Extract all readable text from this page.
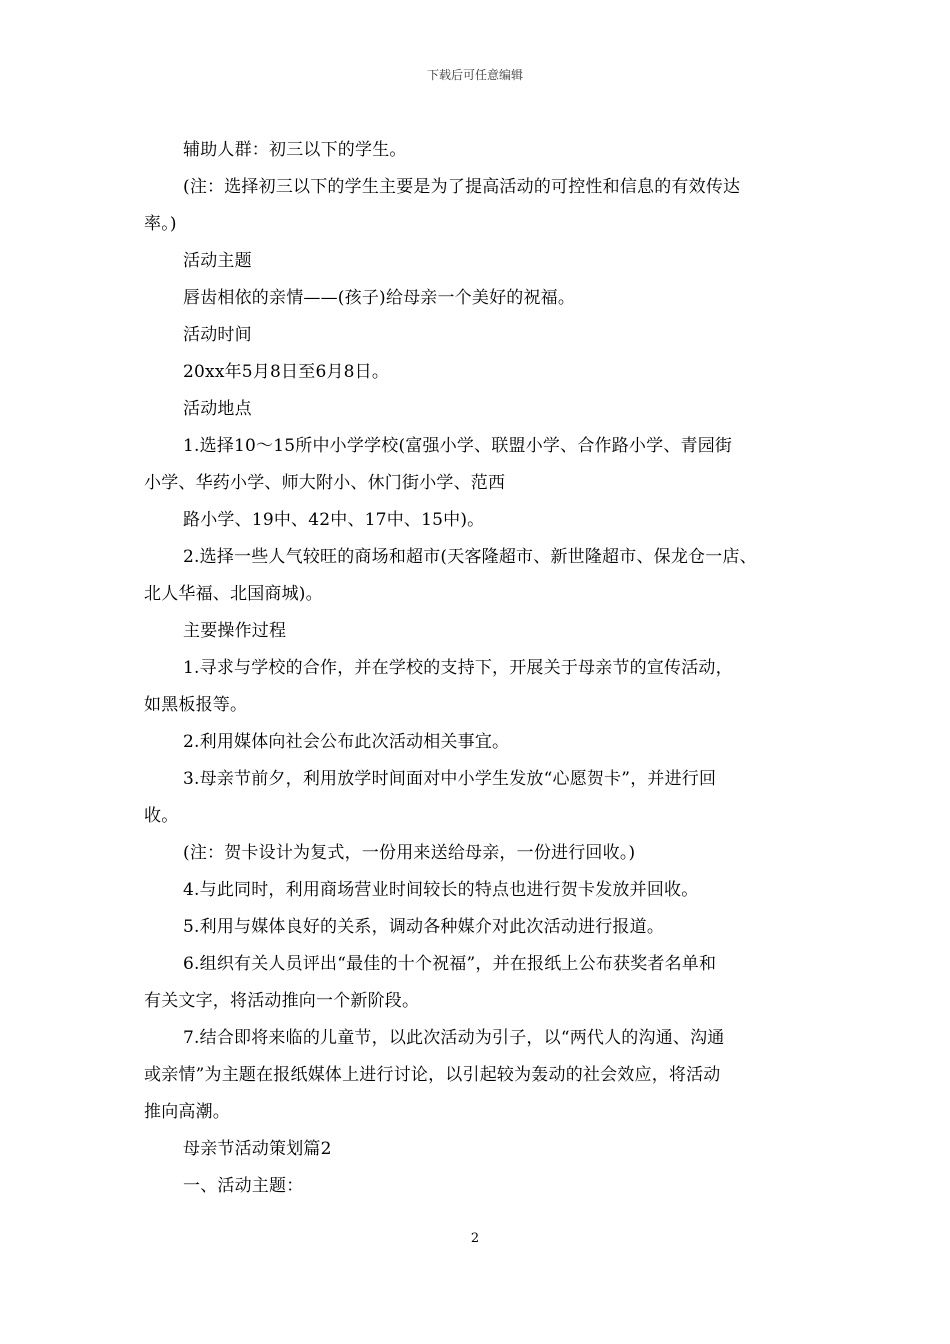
下载后可任意编辑
辅助人群：初三以下的学生。
(注：选择初三以下的学生主要是为了提高活动的可控性和信息的有效传达
率。)
活动主题
唇齿相依的亲情——(孩子)给母亲一个美好的祝福。
活动时间
20xx年5月8日至6月8日。
活动地点
1.选择10～15所中小学学校(富强小学、联盟小学、合作路小学、青园街
小学、华药小学、师大附小、休门街小学、范西
路小学、19中、42中、17中、15中)。
2.选择一些人气较旺的商场和超市(天客隆超市、新世隆超市、保龙仓一店、
北人华福、北国商城)。
主要操作过程
1.寻求与学校的合作，并在学校的支持下，开展关于母亲节的宣传活动，
如黑板报等。
2.利用媒体向社会公布此次活动相关事宜。
3.母亲节前夕，利用放学时间面对中小学生发放“心愿贺卡”，并进行回
收。
(注：贺卡设计为复式，一份用来送给母亲，一份进行回收。)
4.与此同时，利用商场营业时间较长的特点也进行贺卡发放并回收。
5.利用与媒体良好的关系，调动各种媒介对此次活动进行报道。
6.组织有关人员评出“最佳的十个祝福”，并在报纸上公布获奖者名单和
有关文字，将活动推向一个新阶段。
7.结合即将来临的儿童节，以此次活动为引子，以“两代人的沟通、沟通
或亲情”为主题在报纸媒体上进行讨论，以引起较为轰动的社会效应，将活动
推向高潮。
母亲节活动策划篇2
一、活动主题：
2
